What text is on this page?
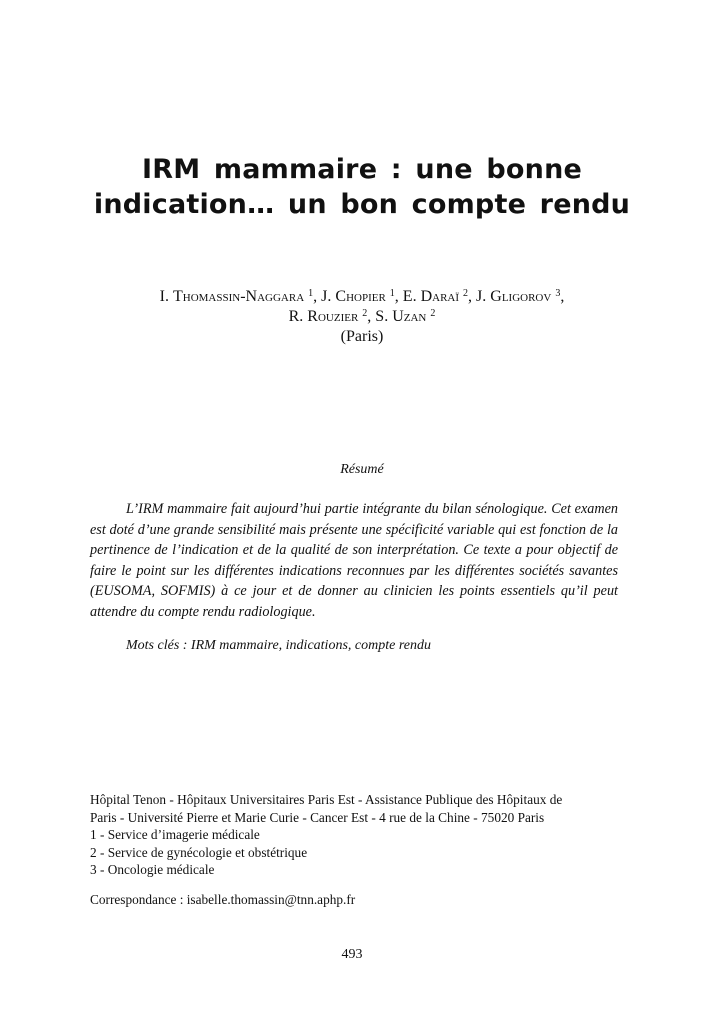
IRM mammaire : une bonne
indication… un bon compte rendu
I. Thomassin-Naggara $^1$, J. Chopier $^1$, E. Daraï $^2$, J. Gligorov $^3$,
R. Rouzier $^2$, S. Uzan $^2$
(Paris)
Résumé

L’IRM mammaire fait aujourd’hui partie intégrante du bilan sénologique. Cet examen est doté d’une grande sensibilité mais présente une spécificité variable qui est fonction de la pertinence de l’indication et de la qualité de son interprétation. Ce texte a pour objectif de faire le point sur les différentes indications reconnues par les différentes sociétés savantes (EUSOMA, SOFMIS) à ce jour et de donner au clinicien les points essentiels qu’il peut attendre du compte rendu radiologique.

Mots clés : IRM mammaire, indications, compte rendu

Hôpital Tenon - Hôpitaux Universitaires Paris Est - Assistance Publique des Hôpitaux de
Paris - Université Pierre et Marie Curie - Cancer Est - 4 rue de la Chine - 75020 Paris
1 - Service d’imagerie médicale
2 - Service de gynécologie et obstétrique
3 - Oncologie médicale
Correspondance : isabelle.thomassin@tnn.aphp.fr
493
